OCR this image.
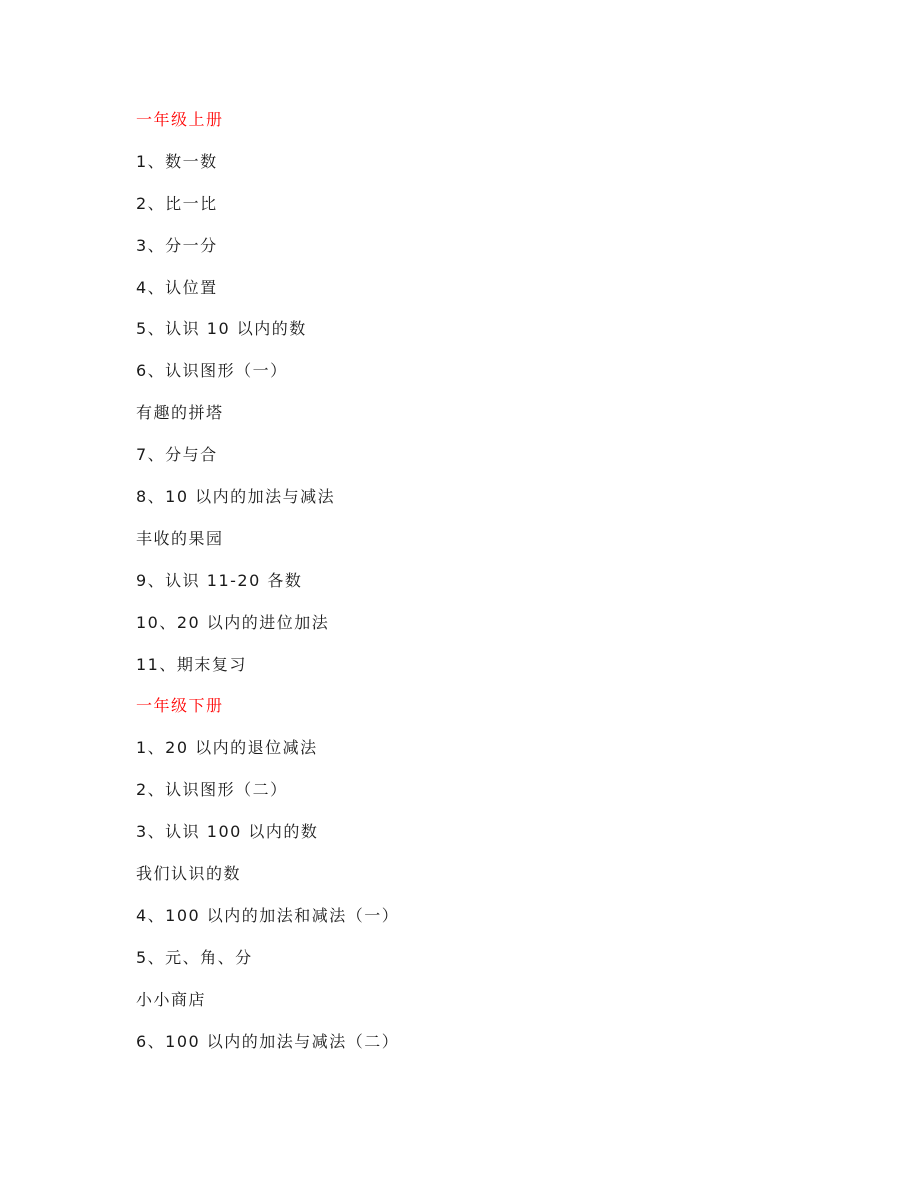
一年级上册
1、数一数
2、比一比
3、分一分
4、认位置
5、认识 10 以内的数
6、认识图形（一）
有趣的拼塔
7、分与合
8、10 以内的加法与减法
丰收的果园
9、认识 11-20 各数
10、20 以内的进位加法
11、期末复习
一年级下册
1、20 以内的退位减法
2、认识图形（二）
3、认识 100 以内的数
我们认识的数
4、100 以内的加法和减法（一）
5、元、角、分
小小商店
6、100 以内的加法与减法（二）
